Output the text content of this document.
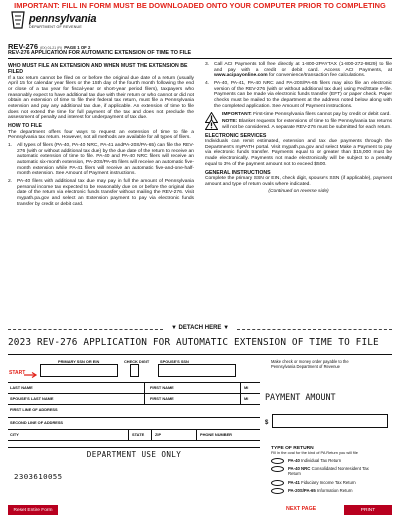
IMPORTANT: FILL IN FORM MUST BE DOWNLOADED ONTO YOUR COMPUTER PRIOR TO COMPLETING
pennsylvania
DEPARTMENT OF REVENUE
REV-276 (EX) 01-21 (FI) PAGE 1 OF 2
REV-276 APPLICATION FOR AUTOMATIC EXTENSION OF TIME TO FILE
WHO MUST FILE AN EXTENSION AND WHEN MUST THE EXTENSION BE FILED

If a tax return cannot be filed on or before the original due date of a return (usually April 15 for calendar year filers or the 15th day of the fourth month following the end or close of a tax year for fiscal-year or short-year period filers), taxpayers who reasonably expect to have additional tax due with their return or who cannot or did not obtain an extension of time to file their federal tax return, must file a Pennsylvania extension and pay any additional tax due, if applicable. An extension of time to file does not extend the time for full payment of the tax and does not preclude the assessment of penalty and interest for underpayment of tax due.

HOW TO FILE

The department offers four ways to request an extension of time to file a Pennsylvania tax return. However, not all methods are available for all types of filers.

1. All types of filers (PA-40, PA-40 NRC, PA-41 andPA-20S/PA-65) can file the REV-276 (with or without additional tax due) by the due date of the return to receive an automatic extension of time to file. PA-40 and PA-40 NRC filers will receive an automatic six-month extension, PA-20S/PA-65 filers will receive an automatic five-month extension while PA-41 filers will receive an automatic five-and-one-half-month extension. See Amount of Payment instructions.
2. PA-40 filers with additional tax due may pay in full the amount of Pennsylvania personal income tax expected to be reasonably due on or before the original due date of the return via electronic funds transfer without mailing the REV-276. Visit mypath.pa.gov and select an Extension payment to pay via electronic funds transfer by credit or debit card.
3. Call ACI Payments toll free directly at 1-800-2PAYTAX (1-800-272-9829) to file and pay with a credit or debit card. Access ACI Payments, at www.acipayonline.com for convenience/transaction fee calculations.
4. PA-40, PA-41, PA-40 NRC and PA-20S/PA-65 filers may also file an electronic version of the REV-276 (with or without additional tax due) using Fed/State e-file. Payments can be made via electronic funds transfer (EFT) or paper check. Paper checks must be mailed to the department at the address noted below along with the completed application. See Amount of Payment instructions.
IMPORTANT: First-time Pennsylvania filers cannot pay by credit or debit card.
NOTE: Blanket requests for extensions of time to file Pennsylvania tax returns will not be considered. A separate REV-276 must be submitted for each return.
ELECTRONIC SERVICES

Individuals can remit estimated, extension and tax due payments through the Department's myPATH portal. Visit mypath.pa.gov and select Make a Payment to pay via electronic funds transfer. Payments equal to or greater than $15,000 must be made electronically. Payments not made electronically will be subject to a penalty equal to 3% of the payment amount not to exceed $500.

GENERAL INSTRUCTIONS

Complete the primary SSN or EIN, check digit, spouse's SSN (if applicable), payment amount and type of return ovals where indicated.

(Continued on reverse side)

▼ DETACH HERE ▼
2023 REV-276 APPLICATION FOR AUTOMATIC EXTENSION OF TIME TO FILE
START
PRIMARY SSN OR EIN	CHECK DIGIT	SPOUSE'S SSN	Make check or money order payable to the Pennsylvania Department of Revenue
LAST NAME	FIRST NAME	MI
SPOUSE'S LAST NAME	FIRST NAME	MI
FIRST LINE OF ADDRESS
SECOND LINE OF ADDRESS
CITY	STATE	ZIP	PHONE NUMBER
PAYMENT AMOUNT
$
TYPE OF RETURN
Fill in the oval for the kind of PA Return you will file
PA-40 Individual Tax Return
PA-40 NRC Consolidated Nonresident Tax Return
PA-41 Fiduciary Income Tax Return
PA-20S/PA-65 Information Return
DEPARTMENT USE ONLY
2303610055
Reset Entire Form	NEXT PAGE	PRINT
